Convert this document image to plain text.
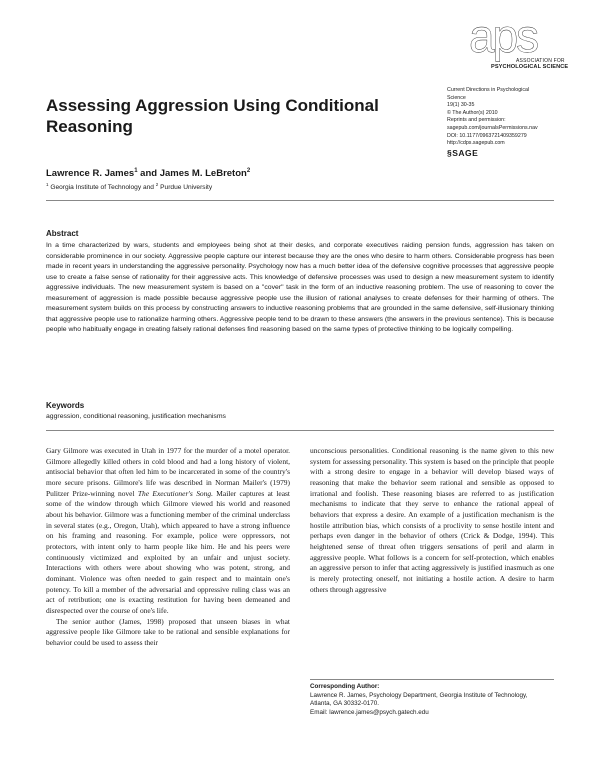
aps
ASSOCIATION FOR
PSYCHOLOGICAL SCIENCE
Current Directions in Psychological
Science
19(1) 30-35
© The Author(s) 2010
Reprints and permission:
sagepub.com/journalsPermissions.nav
DOI: 10.1177/0963721409359279
http://cdps.sagepub.com
§SAGE
Assessing Aggression Using Conditional Reasoning
Lawrence R. James$^1$ and James M. LeBreton$^2$
$^1$ Georgia Institute of Technology and $^2$ Purdue University
Abstract

In a time characterized by wars, students and employees being shot at their desks, and corporate executives raiding pension funds, aggression has taken on considerable prominence in our society. Aggressive people capture our interest because they are the ones who desire to harm others. Considerable progress has been made in recent years in understanding the aggressive personality. Psychology now has a much better idea of the defensive cognitive processes that aggressive people use to create a false sense of rationality for their aggressive acts. This knowledge of defensive processes was used to design a new measurement system to identify aggressive individuals. The new measurement system is based on a "cover" task in the form of an inductive reasoning problem. The use of reasoning to cover the measurement of aggression is made possible because aggressive people use the illusion of rational analyses to create defenses for their harming of others. The measurement system builds on this process by constructing answers to inductive reasoning problems that are grounded in the same defensive, self-illusionary thinking that aggressive people use to rationalize harming others. Aggressive people tend to be drawn to these answers (the answers in the previous sentence). This is because people who habitually engage in creating falsely rational defenses find reasoning based on the same types of protective thinking to be logically compelling.

Keywords
aggression, conditional reasoning, justification mechanisms

Gary Gilmore was executed in Utah in 1977 for the murder of a motel operator. Gilmore allegedly killed others in cold blood and had a long history of violent, antisocial behavior that often led him to be incarcerated in some of the country's more secure prisons. Gilmore's life was described in Norman Mailer's (1979) Pulitzer Prize-winning novel The Executioner's Song. Mailer captures at least some of the window through which Gilmore viewed his world and reasoned about his behavior. Gilmore was a functioning member of the criminal underclass in several states (e.g., Oregon, Utah), which appeared to have a strong influence on his framing and reasoning. For example, police were oppressors, not protectors, with intent only to harm people like him. He and his peers were continuously victimized and exploited by an unfair and unjust society. Interactions with others were about showing who was potent, strong, and dominant. Violence was often needed to gain respect and to maintain one's potency. To kill a member of the adversarial and oppressive ruling class was an act of retribution; one is exacting restitution for having been demeaned and disrespected over the course of one's life.

The senior author (James, 1998) proposed that unseen biases in what aggressive people like Gilmore take to be rational and sensible explanations for behavior could be used to assess their

unconscious personalities. Conditional reasoning is the name given to this new system for assessing personality. This system is based on the principle that people with a strong desire to engage in a behavior will develop biased ways of reasoning that make the behavior seem rational and sensible as opposed to irrational and foolish. These reasoning biases are referred to as justification mechanisms to indicate that they serve to enhance the rational appeal of behaviors that express a desire. An example of a justification mechanism is the hostile attribution bias, which consists of a proclivity to sense hostile intent and perhaps even danger in the behavior of others (Crick & Dodge, 1994). This heightened sense of threat often triggers sensations of peril and alarm in aggressive people. What follows is a concern for self-protection, which enables an aggressive person to infer that acting aggressively is justified inasmuch as one is merely protecting oneself, not initiating a hostile action. A desire to harm others through aggressive

Corresponding Author:
Lawrence R. James, Psychology Department, Georgia Institute of Technology,
Atlanta, GA 30332-0170.
Email: lawrence.james@psych.gatech.edu
